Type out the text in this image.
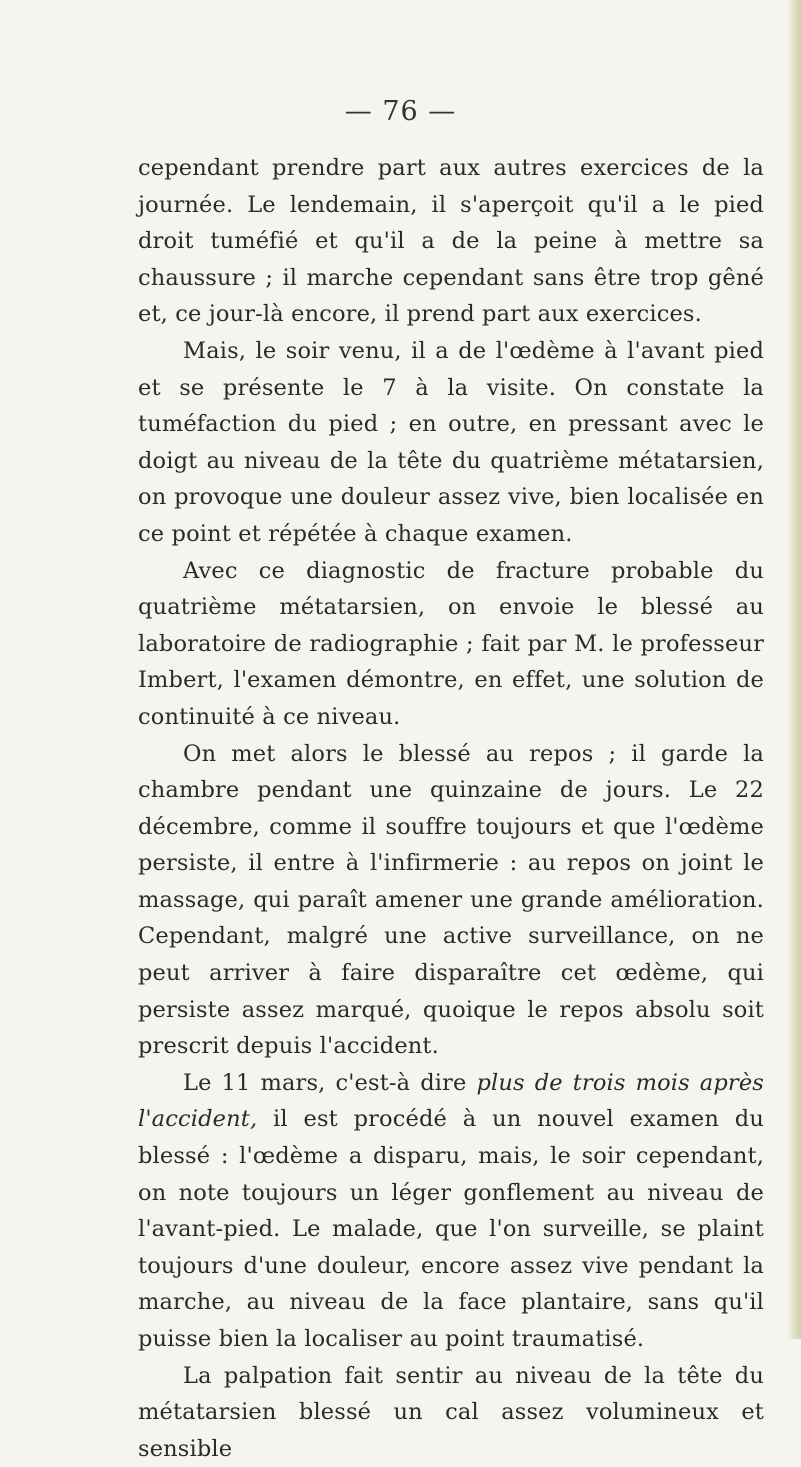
— 76 —

cependant prendre part aux autres exercices de la journée. Le lendemain, il s'aperçoit qu'il a le pied droit tuméfié et qu'il a de la peine à mettre sa chaussure ; il marche cependant sans être trop gêné et, ce jour-là encore, il prend part aux exercices.

Mais, le soir venu, il a de l'œdème à l'avant pied et se présente le 7 à la visite. On constate la tuméfaction du pied ; en outre, en pressant avec le doigt au niveau de la tête du quatrième métatarsien, on provoque une douleur assez vive, bien localisée en ce point et répétée à chaque examen.

Avec ce diagnostic de fracture probable du quatrième métatarsien, on envoie le blessé au laboratoire de radiographie ; fait par M. le professeur Imbert, l'examen démontre, en effet, une solution de continuité à ce niveau.

On met alors le blessé au repos ; il garde la chambre pendant une quinzaine de jours. Le 22 décembre, comme il souffre toujours et que l'œdème persiste, il entre à l'infirmerie : au repos on joint le massage, qui paraît amener une grande amélioration. Cependant, malgré une active surveillance, on ne peut arriver à faire disparaître cet œdème, qui persiste assez marqué, quoique le repos absolu soit prescrit depuis l'accident.

Le 11 mars, c'est-à dire plus de trois mois après l'accident, il est procédé à un nouvel examen du blessé : l'œdème a disparu, mais, le soir cependant, on note toujours un léger gonflement au niveau de l'avant-pied. Le malade, que l'on surveille, se plaint toujours d'une douleur, encore assez vive pendant la marche, au niveau de la face plantaire, sans qu'il puisse bien la localiser au point traumatisé.

La palpation fait sentir au niveau de la tête du métatarsien blessé un cal assez volumineux et sensible
